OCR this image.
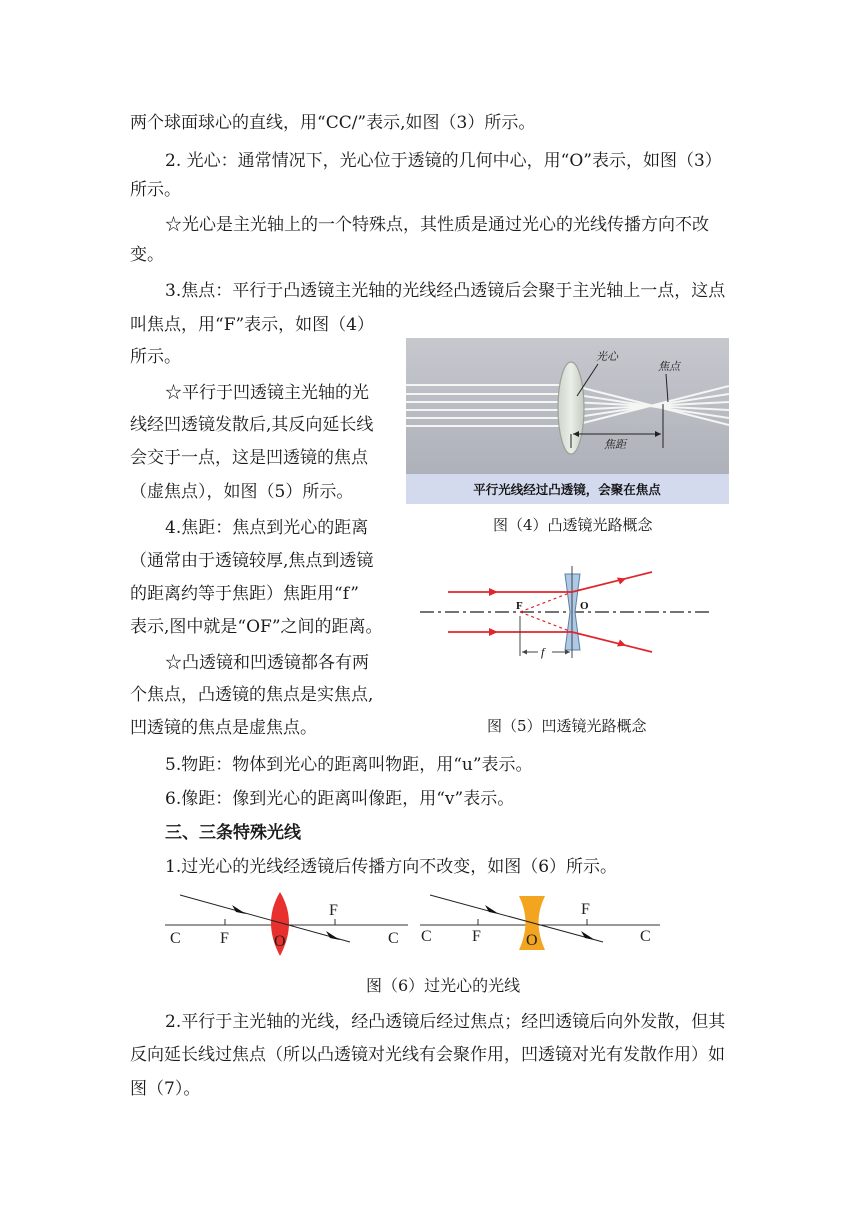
两个球面球心的直线，用“CC/”表示,如图（3）所示。
2. 光心：通常情况下，光心位于透镜的几何中心，用“O”表示，如图（3）
所示。
☆光心是主光轴上的一个特殊点，其性质是通过光心的光线传播方向不改
变。
3.焦点：平行于凸透镜主光轴的光线经凸透镜后会聚于主光轴上一点，这点
叫焦点，用“F”表示，如图（4）
所示。
☆平行于凹透镜主光轴的光
线经凹透镜发散后,其反向延长线
会交于一点，这是凹透镜的焦点
（虚焦点），如图（5）所示。
4.焦距：焦点到光心的距离
（通常由于透镜较厚,焦点到透镜
的距离约等于焦距）焦距用“f”
表示,图中就是“OF”之间的距离。
☆凸透镜和凹透镜都各有两
个焦点，凸透镜的焦点是实焦点,
凹透镜的焦点是虚焦点。
5.物距：物体到光心的距离叫物距，用“u”表示。
6.像距：像到光心的距离叫像距，用“v”表示。
三、三条特殊光线
1.过光心的光线经透镜后传播方向不改变，如图（6）所示。
2.平行于主光轴的光线，经凸透镜后经过焦点；经凹透镜后向外发散，但其
反向延长线过焦点（所以凸透镜对光线有会聚作用，凹透镜对光有发散作用）如
图（7）。
光心
焦点
焦距
平行光线经过凸透镜，会聚在焦点
图（4）凸透镜光路概念
F	O
f
图（5）凹透镜光路概念
C F	O
F
C C	F	O
F
C
图（6）过光心的光线
